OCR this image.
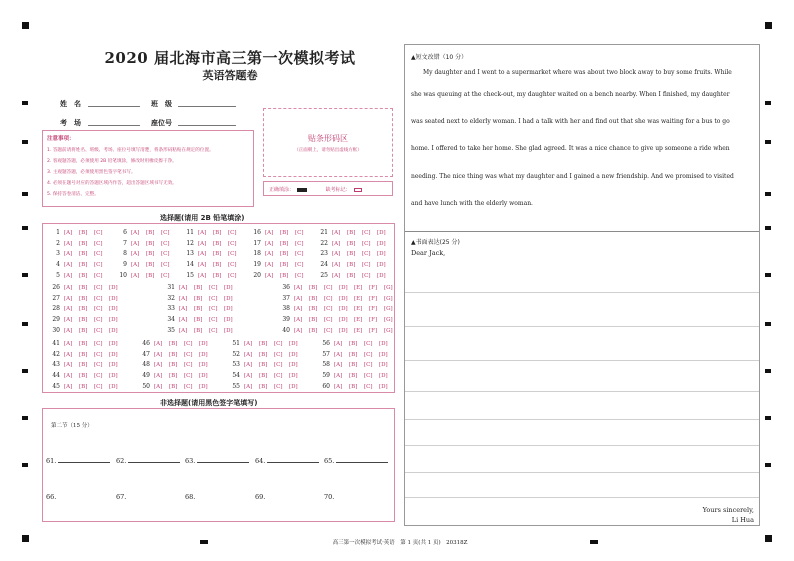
2020 届北海市高三第一次模拟考试
英语答题卷
姓　名	班　级
考　场	座位号
注意事项：
1. 答题前请将姓名、班级、考场、座位号填写清楚，将条形码粘贴在规定的位置。
2. 客观题答题，必须使用 2B 铅笔填涂，修改时用橡皮擦干净。
3. 主观题答题，必须使用黑色签字笔书写。
4. 必须在题号对应的答题区域内作答，超出答题区域书写无效。
5. 保持答卷清洁、完整。
贴条形码区
（正面朝上，请勿贴出虚线方框）
正确填涂：	缺考标记：
选择题(请用 2B 铅笔填涂)
1 [A] [B] [C]
2 [A] [B] [C]
3 [A] [B] [C]
4 [A] [B] [C]
5 [A] [B] [C]
6 [A] [B] [C]
7 [A] [B] [C]
8 [A] [B] [C]
9 [A] [B] [C]
10 [A] [B] [C]
11 [A] [B] [C]
12 [A] [B] [C]
13 [A] [B] [C]
14 [A] [B] [C]
15 [A] [B] [C]
16 [A] [B] [C]
17 [A] [B] [C]
18 [A] [B] [C]
19 [A] [B] [C]
20 [A] [B] [C]
21 [A] [B] [C] [D]
22 [A] [B] [C] [D]
23 [A] [B] [C] [D]
24 [A] [B] [C] [D]
25 [A] [B] [C] [D]
26 [A] [B] [C] [D]
27 [A] [B] [C] [D]
28 [A] [B] [C] [D]
29 [A] [B] [C] [D]
30 [A] [B] [C] [D]
31 [A] [B] [C] [D]
32 [A] [B] [C] [D]
33 [A] [B] [C] [D]
34 [A] [B] [C] [D]
35 [A] [B] [C] [D]
36 [A] [B] [C] [D] [E] [F] [G]
37 [A] [B] [C] [D] [E] [F] [G]
38 [A] [B] [C] [D] [E] [F] [G]
39 [A] [B] [C] [D] [E] [F] [G]
40 [A] [B] [C] [D] [E] [F] [G]
41 [A] [B] [C] [D]
42 [A] [B] [C] [D]
43 [A] [B] [C] [D]
44 [A] [B] [C] [D]
45 [A] [B] [C] [D]
46 [A] [B] [C] [D]
47 [A] [B] [C] [D]
48 [A] [B] [C] [D]
49 [A] [B] [C] [D]
50 [A] [B] [C] [D]
51 [A] [B] [C] [D]
52 [A] [B] [C] [D]
53 [A] [B] [C] [D]
54 [A] [B] [C] [D]
55 [A] [B] [C] [D]
56 [A] [B] [C] [D]
57 [A] [B] [C] [D]
58 [A] [B] [C] [D]
59 [A] [B] [C] [D]
60 [A] [B] [C] [D]
非选择题(请用黑色签字笔填写)
第二节（15 分）
61.	62.	63.	64.	65.
66.	67.	68.	69.	70.
▲短文改错（10 分）
　　My daughter and I went to a supermarket where was about two block away to buy some fruits. While
she was queuing at the check-out, my daughter waited on a bench nearby. When I finished, my daughter
was seated next to elderly woman. I had a talk with her and find out that she was waiting for a bus to go
home. I offered to take her home. She glad agreed. It was a nice chance to give up someone a ride when
needing. The nice thing was what my daughter and I gained a new friendship. And we promised to visited
and have lunch with the elderly woman.
▲书面表达(25 分)
Dear Jack,
Yours sincerely,
Li Hua
高三第一次模拟考试·英语　第 1 页(共 1 页)　20318Z
